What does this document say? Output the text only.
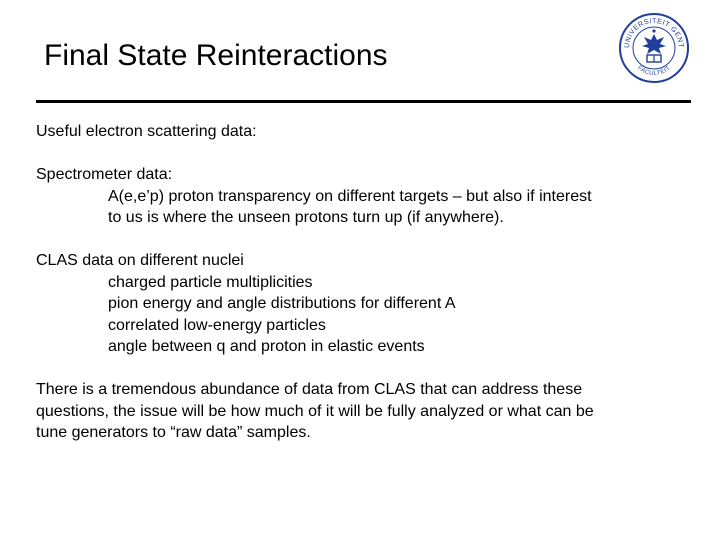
Final State Reinteractions	UNIVERSITEIT GENT
FACULTEIT

Useful electron scattering data:

Spectrometer data:

A(e,e’p) proton transparency on different targets – but also if interest

to us is where the unseen protons turn up (if anywhere).

CLAS data on different nuclei

charged particle multiplicities

pion energy and angle distributions for different A

correlated low-energy particles

angle between q and proton in elastic events

There is a tremendous abundance of data from CLAS that can address these

questions, the issue will be how much of it will be fully analyzed or what can be

tune generators to “raw data” samples.
